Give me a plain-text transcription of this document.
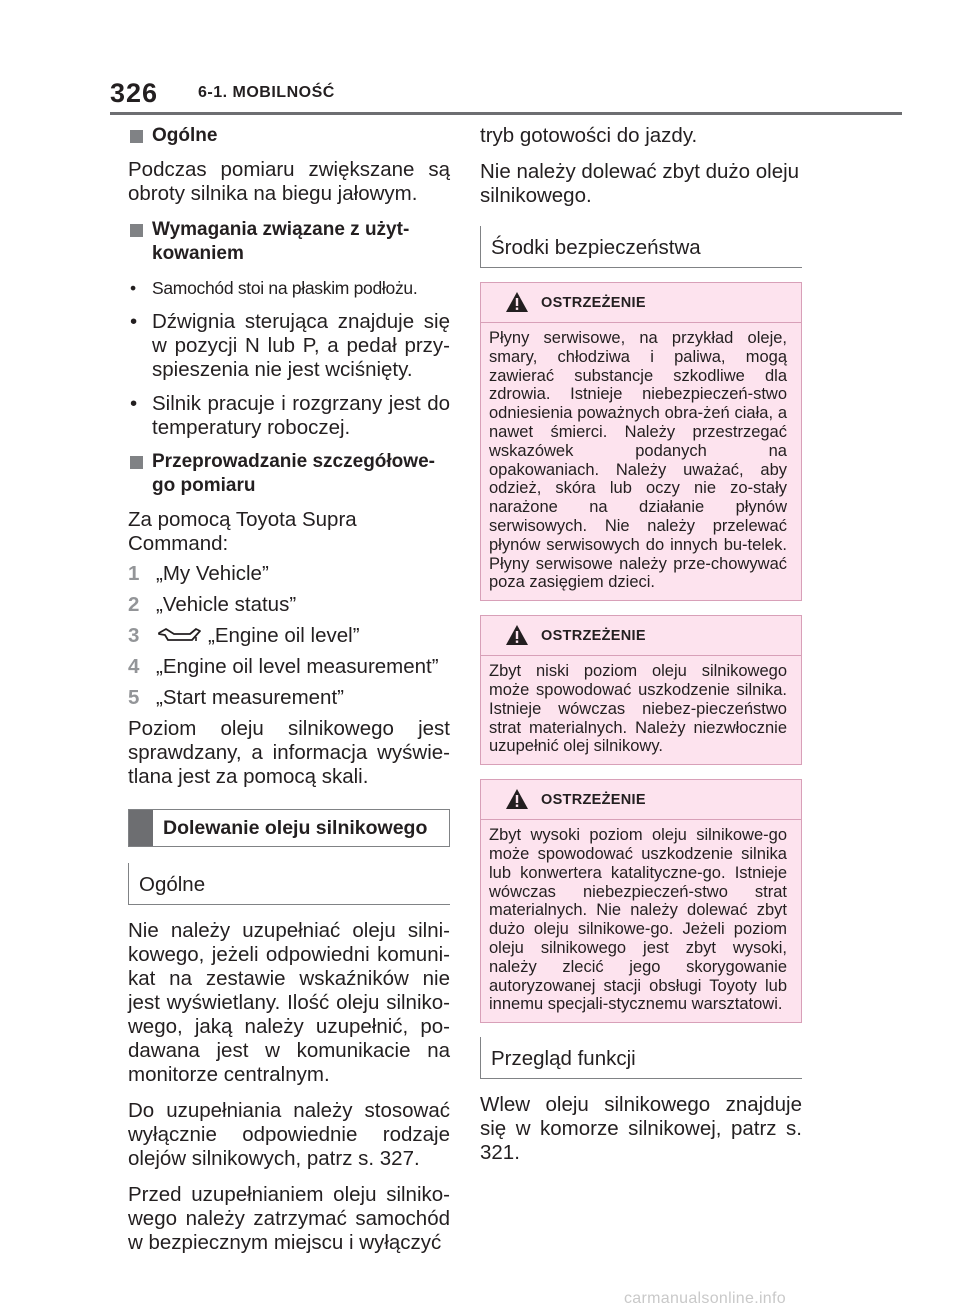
326 6-1. MOBILNOŚĆ
Ogólne
Podczas pomiaru zwiększane są obroty silnika na biegu jałowym.
Wymagania związane z użyt-kowaniem
• Samochód stoi na płaskim podłożu.
• Dźwignia sterująca znajduje się w pozycji N lub P, a pedał przy-spieszenia nie jest wciśnięty.
• Silnik pracuje i rozgrzany jest do temperatury roboczej.
Przeprowadzanie szczegółowe-go pomiaru
Za pomocą Toyota Supra Command:
1 „My Vehicle”
2 „Vehicle status”
3	„Engine oil level”
4 „Engine oil level measurement”
5 „Start measurement”
Poziom oleju silnikowego jest sprawdzany, a informacja wyświe-tlana jest za pomocą skali.
Dolewanie oleju silnikowego
Ogólne
Nie należy uzupełniać oleju silni-kowego, jeżeli odpowiedni komuni-kat na zestawie wskaźników nie jest wyświetlany. Ilość oleju silniko-wego, jaką należy uzupełnić, po-dawana jest w komunikacie na monitorze centralnym.
Do uzupełniania należy stosować wyłącznie odpowiednie rodzaje olejów silnikowych, patrz s. 327.
Przed uzupełnianiem oleju silniko-wego należy zatrzymać samochód w bezpiecznym miejscu i wyłączyć
tryb gotowości do jazdy.
Nie należy dolewać zbyt dużo oleju silnikowego.
Środki bezpieczeństwa
OSTRZEŻENIE
Płyny serwisowe, na przykład oleje, smary, chłodziwa i paliwa, mogą zawierać substancje szkodliwe dla zdrowia. Istnieje niebezpieczeń-stwo odniesienia poważnych obra-żeń ciała, a nawet śmierci. Należy przestrzegać wskazówek podanych na opakowaniach. Należy uważać, aby odzież, skóra lub oczy nie zo-stały narażone na działanie płynów serwisowych. Nie należy przelewać płynów serwisowych do innych bu-telek. Płyny serwisowe należy prze-chowywać poza zasięgiem dzieci.
OSTRZEŻENIE
Zbyt niski poziom oleju silnikowego może spowodować uszkodzenie silnika. Istnieje wówczas niebez-pieczeństwo strat materialnych. Należy niezwłocznie uzupełnić olej silnikowy.
OSTRZEŻENIE
Zbyt wysoki poziom oleju silnikowe-go może spowodować uszkodzenie silnika lub konwertera katalityczne-go. Istnieje wówczas niebezpieczeń-stwo strat materialnych. Nie należy dolewać zbyt dużo oleju silnikowe-go. Jeżeli poziom oleju silnikowego jest zbyt wysoki, należy zlecić jego skorygowanie autoryzowanej stacji obsługi Toyoty lub innemu specjali-stycznemu warsztatowi.
Przegląd funkcji
Wlew oleju silnikowego znajduje się w komorze silnikowej, patrz s. 321.
carmanualsonline.info
